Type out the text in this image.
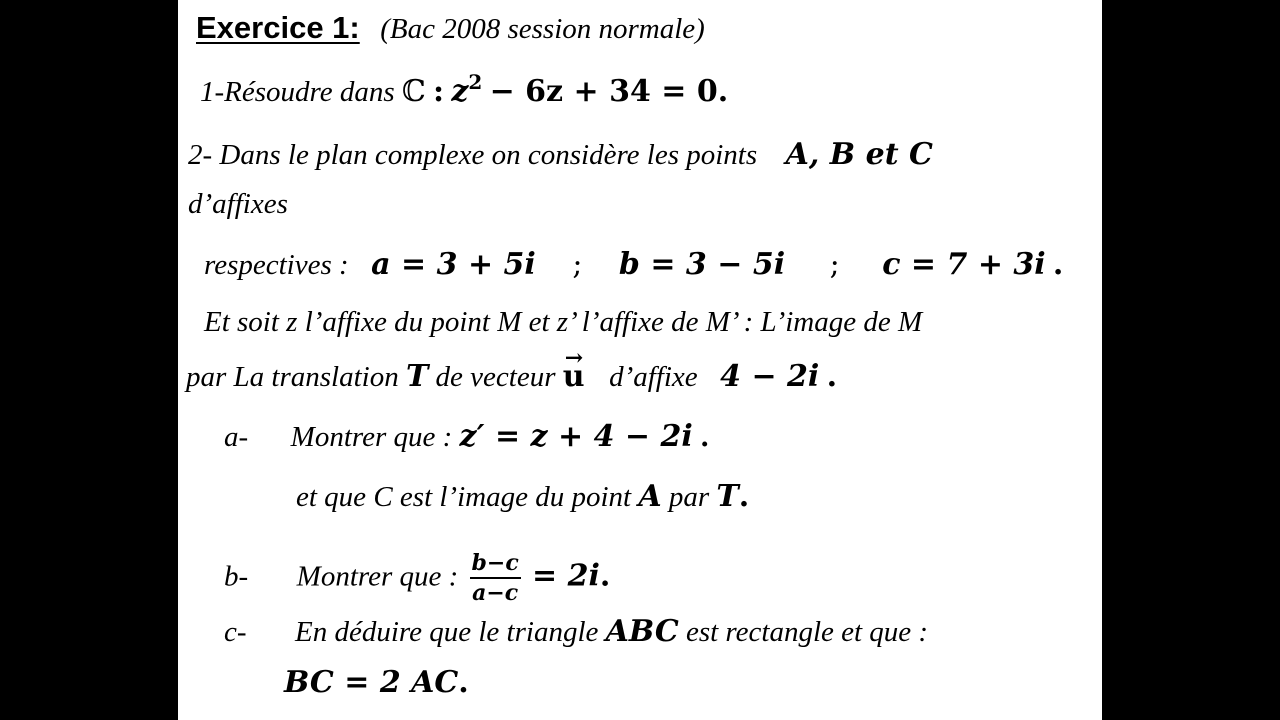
Exercice 1: (Bac 2008 session normale)
1-Résoudre dans ℂ : $z^2 - 6z + 34 = 0$.
2- Dans le plan complexe on considère les points A, B et C
d’affixes
respectives : a = 3 + 5i ; b = 3 − 5i ; c = 7 + 3i .
Et soit z l’affixe du point M et z’ l’affixe de M’ : L’image de M
par La translation T de vecteur → u d’affixe 4 − 2i .
a- Montrer que : z′ = z + 4 − 2i .
et que C est l’image du point A par T.
b- Montrer que : $\frac{b-c}{a-c} = 2i$.
c- En déduire que le triangle ABC est rectangle et que :
BC = 2 AC.
